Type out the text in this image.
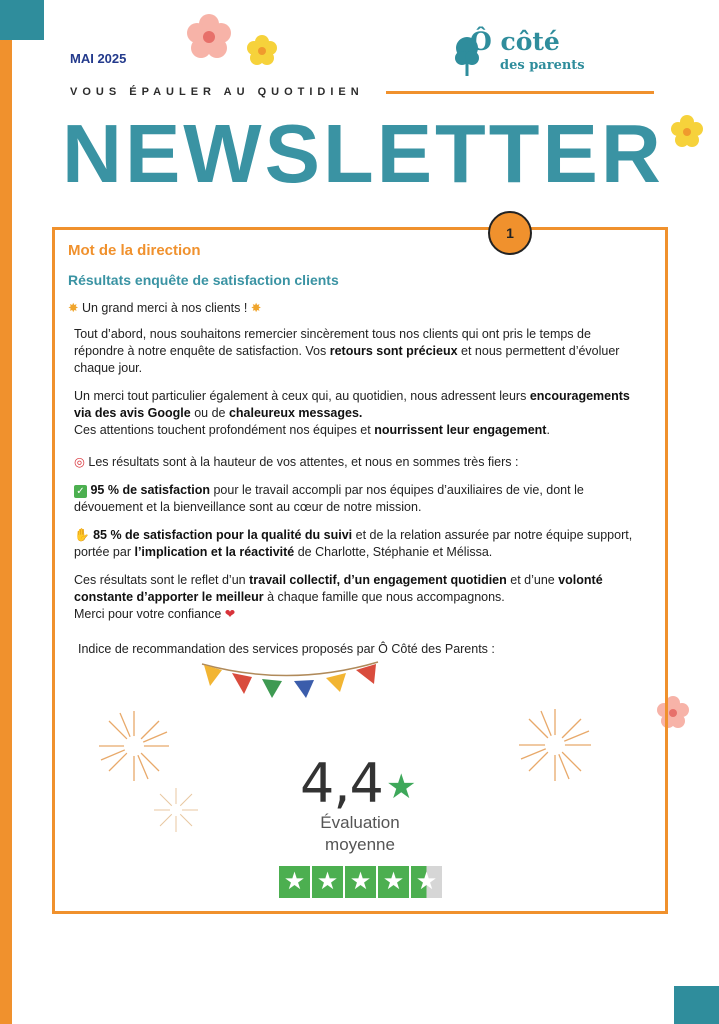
MAI 2025
VOUS ÉPAULER AU QUOTIDIEN
NEWSLETTER
Ô côté
des parents
1
Mot de la direction
Résultats enquête de satisfaction clients
✸ Un grand merci à nos clients ! ✸
Tout d’abord, nous souhaitons remercier sincèrement tous nos clients qui ont pris le temps de répondre à notre enquête de satisfaction. Vos retours sont précieux et nous permettent d’évoluer chaque jour.
Un merci tout particulier également à ceux qui, au quotidien, nous adressent leurs encouragements via des avis Google ou de chaleureux messages.
Ces attentions touchent profondément nos équipes et nourrissent leur engagement.
◎ Les résultats sont à la hauteur de vos attentes, et nous en sommes très fiers :
✓ 95 % de satisfaction pour le travail accompli par nos équipes d’auxiliaires de vie, dont le dévouement et la bienveillance sont au cœur de notre mission.
✋ 85 % de satisfaction pour la qualité du suivi et de la relation assurée par notre équipe support, portée par l’implication et la réactivité de Charlotte, Stéphanie et Mélissa.
Ces résultats sont le reflet d’un travail collectif, d’un engagement quotidien et d’une volonté constante d’apporter le meilleur à chaque famille que nous accompagnons.
Merci pour votre confiance ❤
Indice de recommandation des services proposés par Ô Côté des Parents :
4,4 ★
Évaluation
moyenne
★ ★ ★ ★ ★
